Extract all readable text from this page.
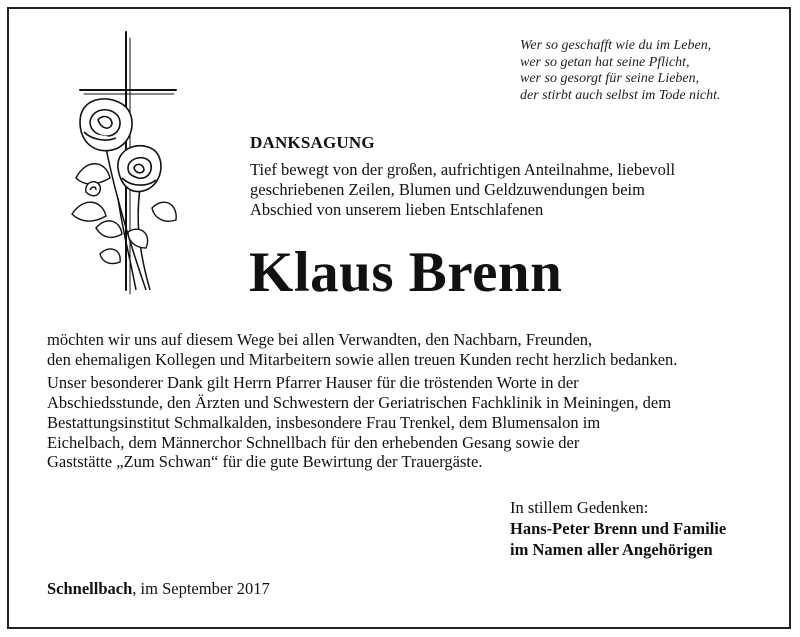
Wer so geschafft wie du im Leben,
wer so getan hat seine Pflicht,
wer so gesorgt für seine Lieben,
der stirbt auch selbst im Tode nicht.
DANKSAGUNG
Tief bewegt von der großen, aufrichtigen Anteilnahme, liebevoll
geschriebenen Zeilen, Blumen und Geldzuwendungen beim
Abschied von unserem lieben Entschlafenen
Klaus Brenn
möchten wir uns auf diesem Wege bei allen Verwandten, den Nachbarn, Freunden,
den ehemaligen Kollegen und Mitarbeitern sowie allen treuen Kunden recht herzlich bedanken.
Unser besonderer Dank gilt Herrn Pfarrer Hauser für die tröstenden Worte in der
Abschiedsstunde, den Ärzten und Schwestern der Geriatrischen Fachklinik in Meiningen, dem
Bestattungsinstitut Schmalkalden, insbesondere Frau Trenkel, dem Blumensalon im
Eichelbach, dem Männerchor Schnellbach für den erhebenden Gesang sowie der
Gaststätte „Zum Schwan“ für die gute Bewirtung der Trauergäste.
In stillem Gedenken:
Hans-Peter Brenn und Familie
im Namen aller Angehörigen
Schnellbach, im September 2017
